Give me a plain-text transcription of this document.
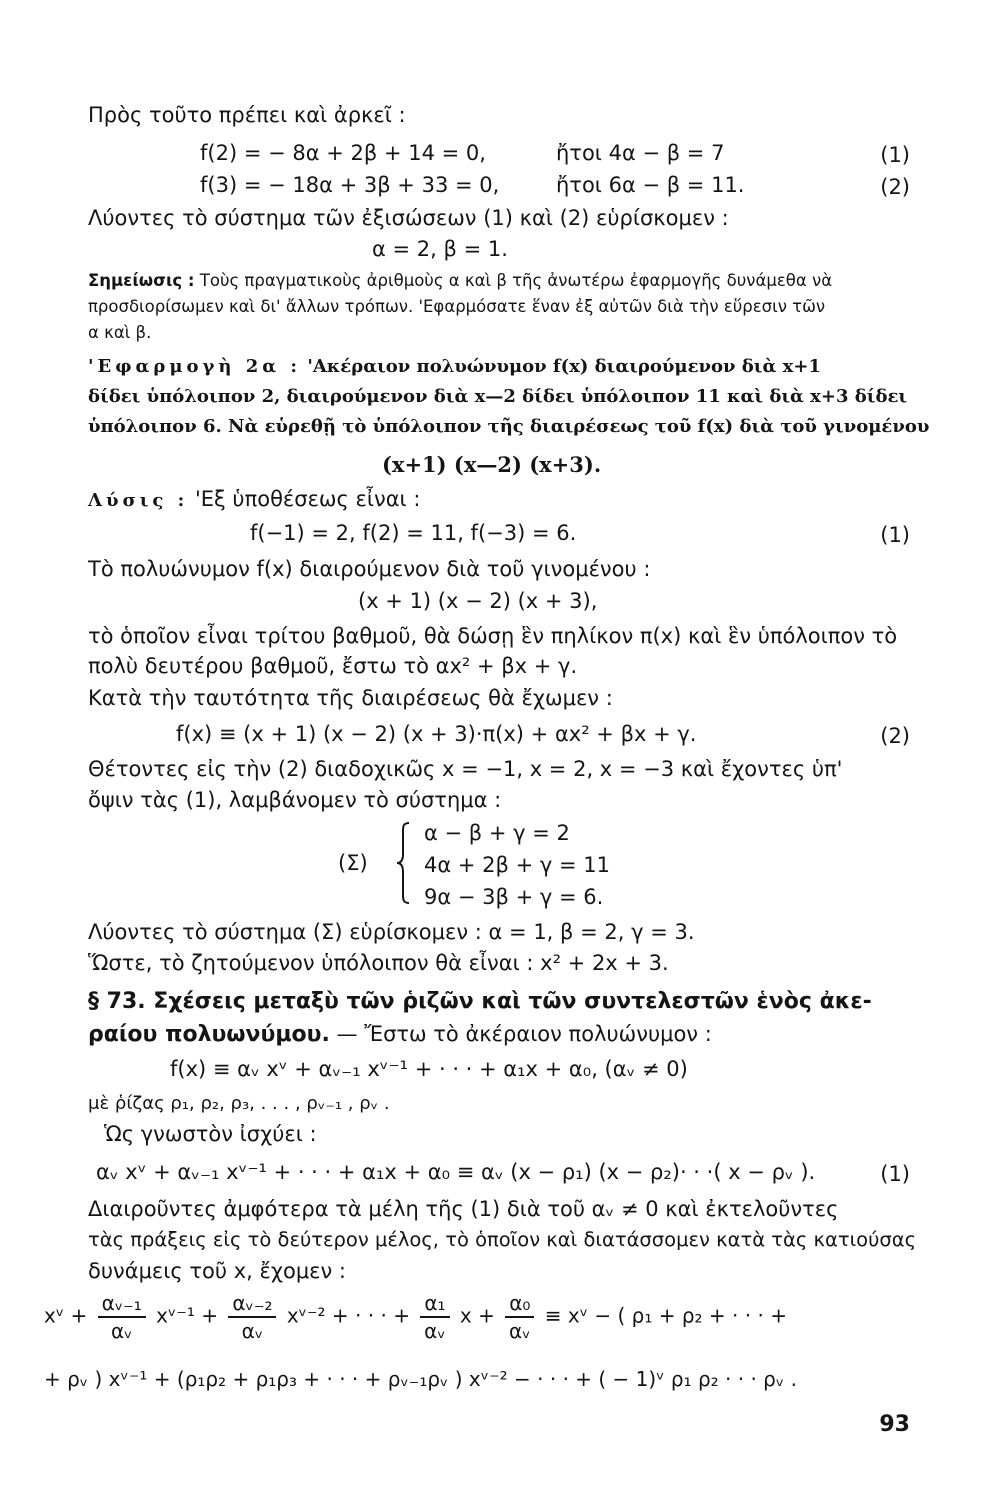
Πρὸς τοῦτο πρέπει καὶ ἀρκεῖ :
f(2) = − 8α + 2β + 14 = 0,	ἤτοι 4α − β = 7	(1)
f(3) = − 18α + 3β + 33 = 0,	ἤτοι 6α − β = 11.	(2)
Λύοντες τὸ σύστημα τῶν ἐξισώσεων (1) καὶ (2) εὑρίσκομεν :
α = 2, β = 1.
Σημείωσις : Τοὺς πραγματικοὺς ἀριθμοὺς α καὶ β τῆς ἀνωτέρω ἐφαρμογῆς δυνάμεθα νὰ
προσδιορίσωμεν καὶ δι' ἄλλων τρόπων. 'Εφαρμόσατε ἕναν ἐξ αὐτῶν διὰ τὴν εὕρεσιν τῶν
α καὶ β.
'Εφαρμογὴ 2α : 'Ακέραιον πολυώνυμον f(x) διαιρούμενον διὰ x+1
δίδει ὑπόλοιπον 2, διαιρούμενον διὰ x—2 δίδει ὑπόλοιπον 11 καὶ διὰ x+3 δίδει
ὑπόλοιπον 6. Νὰ εὑρεθῇ τὸ ὑπόλοιπον τῆς διαιρέσεως τοῦ f(x) διὰ τοῦ γινομένου
(x+1) (x—2) (x+3).
Λύσις : 'Εξ ὑποθέσεως εἶναι :
f(−1) = 2, f(2) = 11, f(−3) = 6.	(1)
Τὸ πολυώνυμον f(x) διαιρούμενον διὰ τοῦ γινομένου :
(x + 1) (x − 2) (x + 3),
τὸ ὁποῖον εἶναι τρίτου βαθμοῦ, θὰ δώσῃ ἓν πηλίκον π(x) καὶ ἓν ὑπόλοιπον τὸ
πολὺ δευτέρου βαθμοῦ, ἔστω τὸ αx² + βx + γ.
Κατὰ τὴν ταυτότητα τῆς διαιρέσεως θὰ ἔχωμεν :
f(x) ≡ (x + 1) (x − 2) (x + 3)·π(x) + αx² + βx + γ.	(2)
Θέτοντες εἰς τὴν (2) διαδοχικῶς x = −1, x = 2, x = −3 καὶ ἔχοντες ὑπ'
ὄψιν τὰς (1), λαμβάνομεν τὸ σύστημα :
(Σ)
α − β + γ = 2
4α + 2β + γ = 11
9α − 3β + γ = 6.
Λύοντες τὸ σύστημα (Σ) εὑρίσκομεν : α = 1, β = 2, γ = 3.
Ὥστε, τὸ ζητούμενον ὑπόλοιπον θὰ εἶναι : x² + 2x + 3.
§ 73. Σχέσεις μεταξὺ τῶν ῥιζῶν καὶ τῶν συντελεστῶν ἑνὸς ἀκε-
ραίου πολυωνύμου. — Ἔστω τὸ ἀκέραιον πολυώνυμον :
f(x) ≡ αᵥ xᵛ + αᵥ₋₁ xᵛ⁻¹ + · · · + α₁x + α₀, (αᵥ ≠ 0)
μὲ ῥίζας ρ₁, ρ₂, ρ₃, . . . , ρᵥ₋₁ , ρᵥ .
Ὡς γνωστὸν ἰσχύει :
αᵥ xᵛ + αᵥ₋₁ xᵛ⁻¹ + · · · + α₁x + α₀ ≡ αᵥ (x − ρ₁) (x − ρ₂)· · ·( x − ρᵥ ).	(1)
Διαιροῦντες ἀμφότερα τὰ μέλη τῆς (1) διὰ τοῦ αᵥ ≠ 0 καὶ ἐκτελοῦντες
τὰς πράξεις εἰς τὸ δεύτερον μέλος, τὸ ὁποῖον καὶ διατάσσομεν κατὰ τὰς κατιούσας
δυνάμεις τοῦ x, ἔχομεν :
xᵛ + $\frac{\text{αᵥ₋₁}}{\text{αᵥ}}$ xᵛ⁻¹ + $\frac{\text{αᵥ₋₂}}{\text{αᵥ}}$ xᵛ⁻² + · · · + $\frac{\text{α₁}}{\text{αᵥ}}$ $x + \frac{\text{α₀}}{\text{αᵥ}}$ ≡ xᵛ − ( ρ₁ + ρ₂ + · · · +
+ ρᵥ ) xᵛ⁻¹ + (ρ₁ρ₂ + ρ₁ρ₃ + · · · + ρᵥ₋₁ρᵥ ) xᵛ⁻² − · · · + ( − 1)ᵛ ρ₁ ρ₂ · · · ρᵥ .
93
